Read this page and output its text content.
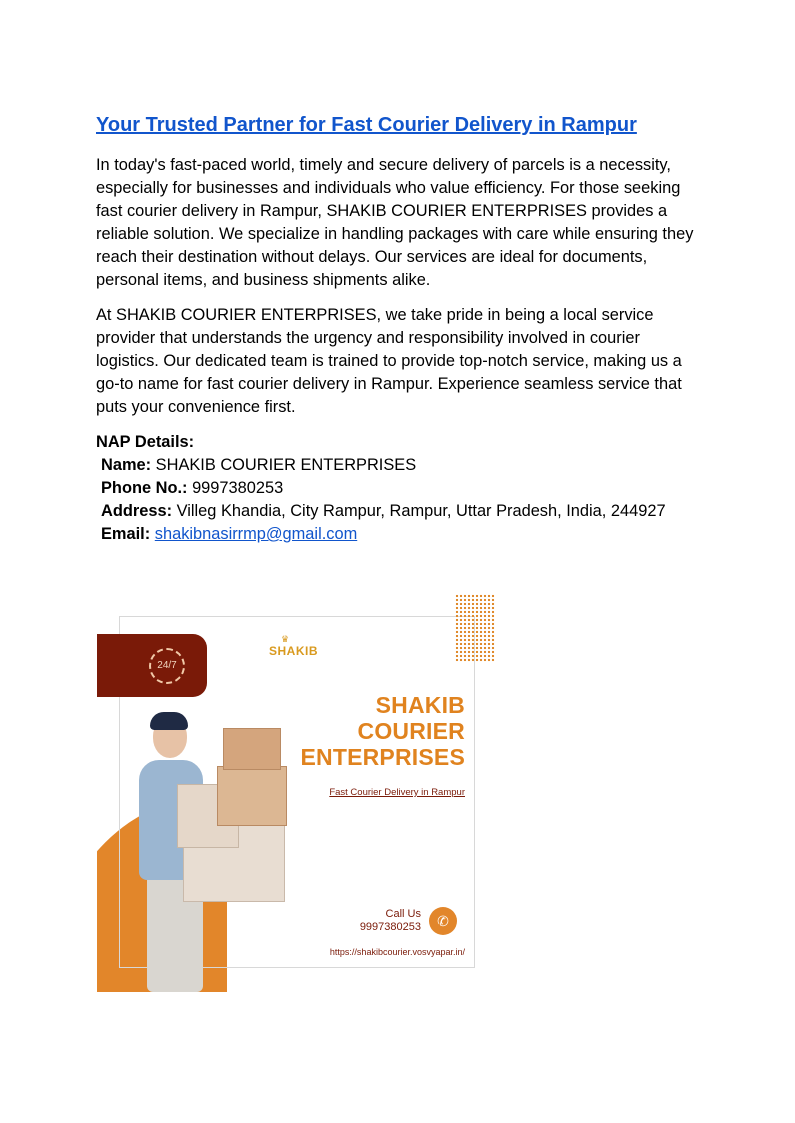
Your Trusted Partner for Fast Courier Delivery in Rampur

In today's fast-paced world, timely and secure delivery of parcels is a necessity, especially for businesses and individuals who value efficiency. For those seeking fast courier delivery in Rampur, SHAKIB COURIER ENTERPRISES provides a reliable solution. We specialize in handling packages with care while ensuring they reach their destination without delays. Our services are ideal for documents, personal items, and business shipments alike.

At SHAKIB COURIER ENTERPRISES, we take pride in being a local service provider that understands the urgency and responsibility involved in courier logistics. Our dedicated team is trained to provide top-notch service, making us a go-to name for fast courier delivery in Rampur. Experience seamless service that puts your convenience first.

NAP Details:
Name: SHAKIB COURIER ENTERPRISES
Phone No.: 9997380253
Address: Villeg Khandia, City Rampur, Rampur, Uttar Pradesh, India, 244927
Email: shakibnasirrmp@gmail.com
24/7
♛
SHAKIB
SHAKIB
COURIER
ENTERPRISES
Fast Courier Delivery in Rampur
Call Us
9997380253	✆
https://shakibcourier.vosvyapar.in/
